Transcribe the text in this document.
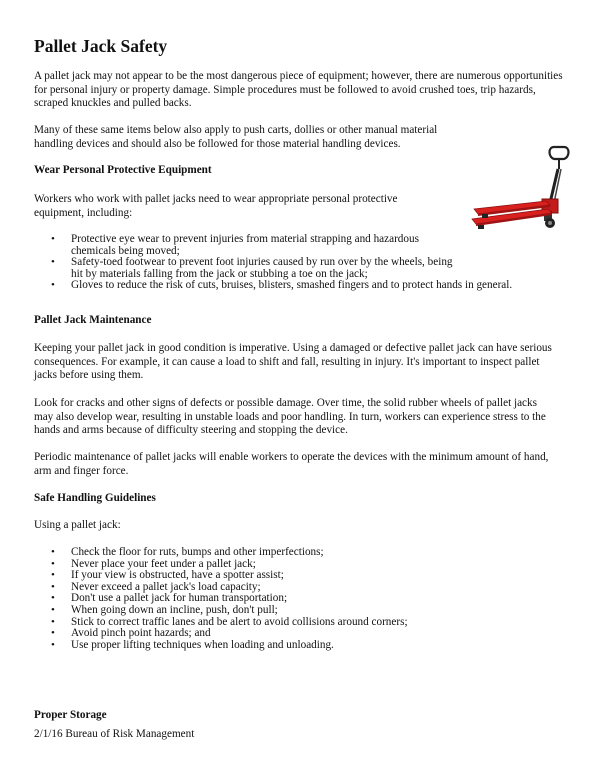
Pallet Jack Safety

A pallet jack may not appear to be the most dangerous piece of equipment; however, there are numerous opportunities for personal injury or property damage. Simple procedures must be followed to avoid crushed toes, trip hazards, scraped knuckles and pulled backs.

Many of these same items below also apply to push carts, dollies or other manual material handling devices and should also be followed for those material handling devices.

Wear Personal Protective Equipment

Workers who work with pallet jacks need to wear appropriate personal protective equipment, including:

• Protective eye wear to prevent injuries from material strapping and hazardous chemicals being moved;
• Safety-toed footwear to prevent foot injuries caused by run over by the wheels, being hit by materials falling from the jack or stubbing a toe on the jack;
• Gloves to reduce the risk of cuts, bruises, blisters, smashed fingers and to protect hands in general.

Pallet Jack Maintenance

Keeping your pallet jack in good condition is imperative. Using a damaged or defective pallet jack can have serious consequences. For example, it can cause a load to shift and fall, resulting in injury. It's important to inspect pallet jacks before using them.

Look for cracks and other signs of defects or possible damage. Over time, the solid rubber wheels of pallet jacks may also develop wear, resulting in unstable loads and poor handling. In turn, workers can experience stress to the hands and arms because of difficulty steering and stopping the device.

Periodic maintenance of pallet jacks will enable workers to operate the devices with the minimum amount of hand, arm and finger force.

Safe Handling Guidelines

Using a pallet jack:

• Check the floor for ruts, bumps and other imperfections;
• Never place your feet under a pallet jack;
• If your view is obstructed, have a spotter assist;
• Never exceed a pallet jack's load capacity;
• Don't use a pallet jack for human transportation;
• When going down an incline, push, don't pull;
• Stick to correct traffic lanes and be alert to avoid collisions around corners;
• Avoid pinch point hazards; and
• Use proper lifting techniques when loading and unloading.

Proper Storage

2/1/16 Bureau of Risk Management
